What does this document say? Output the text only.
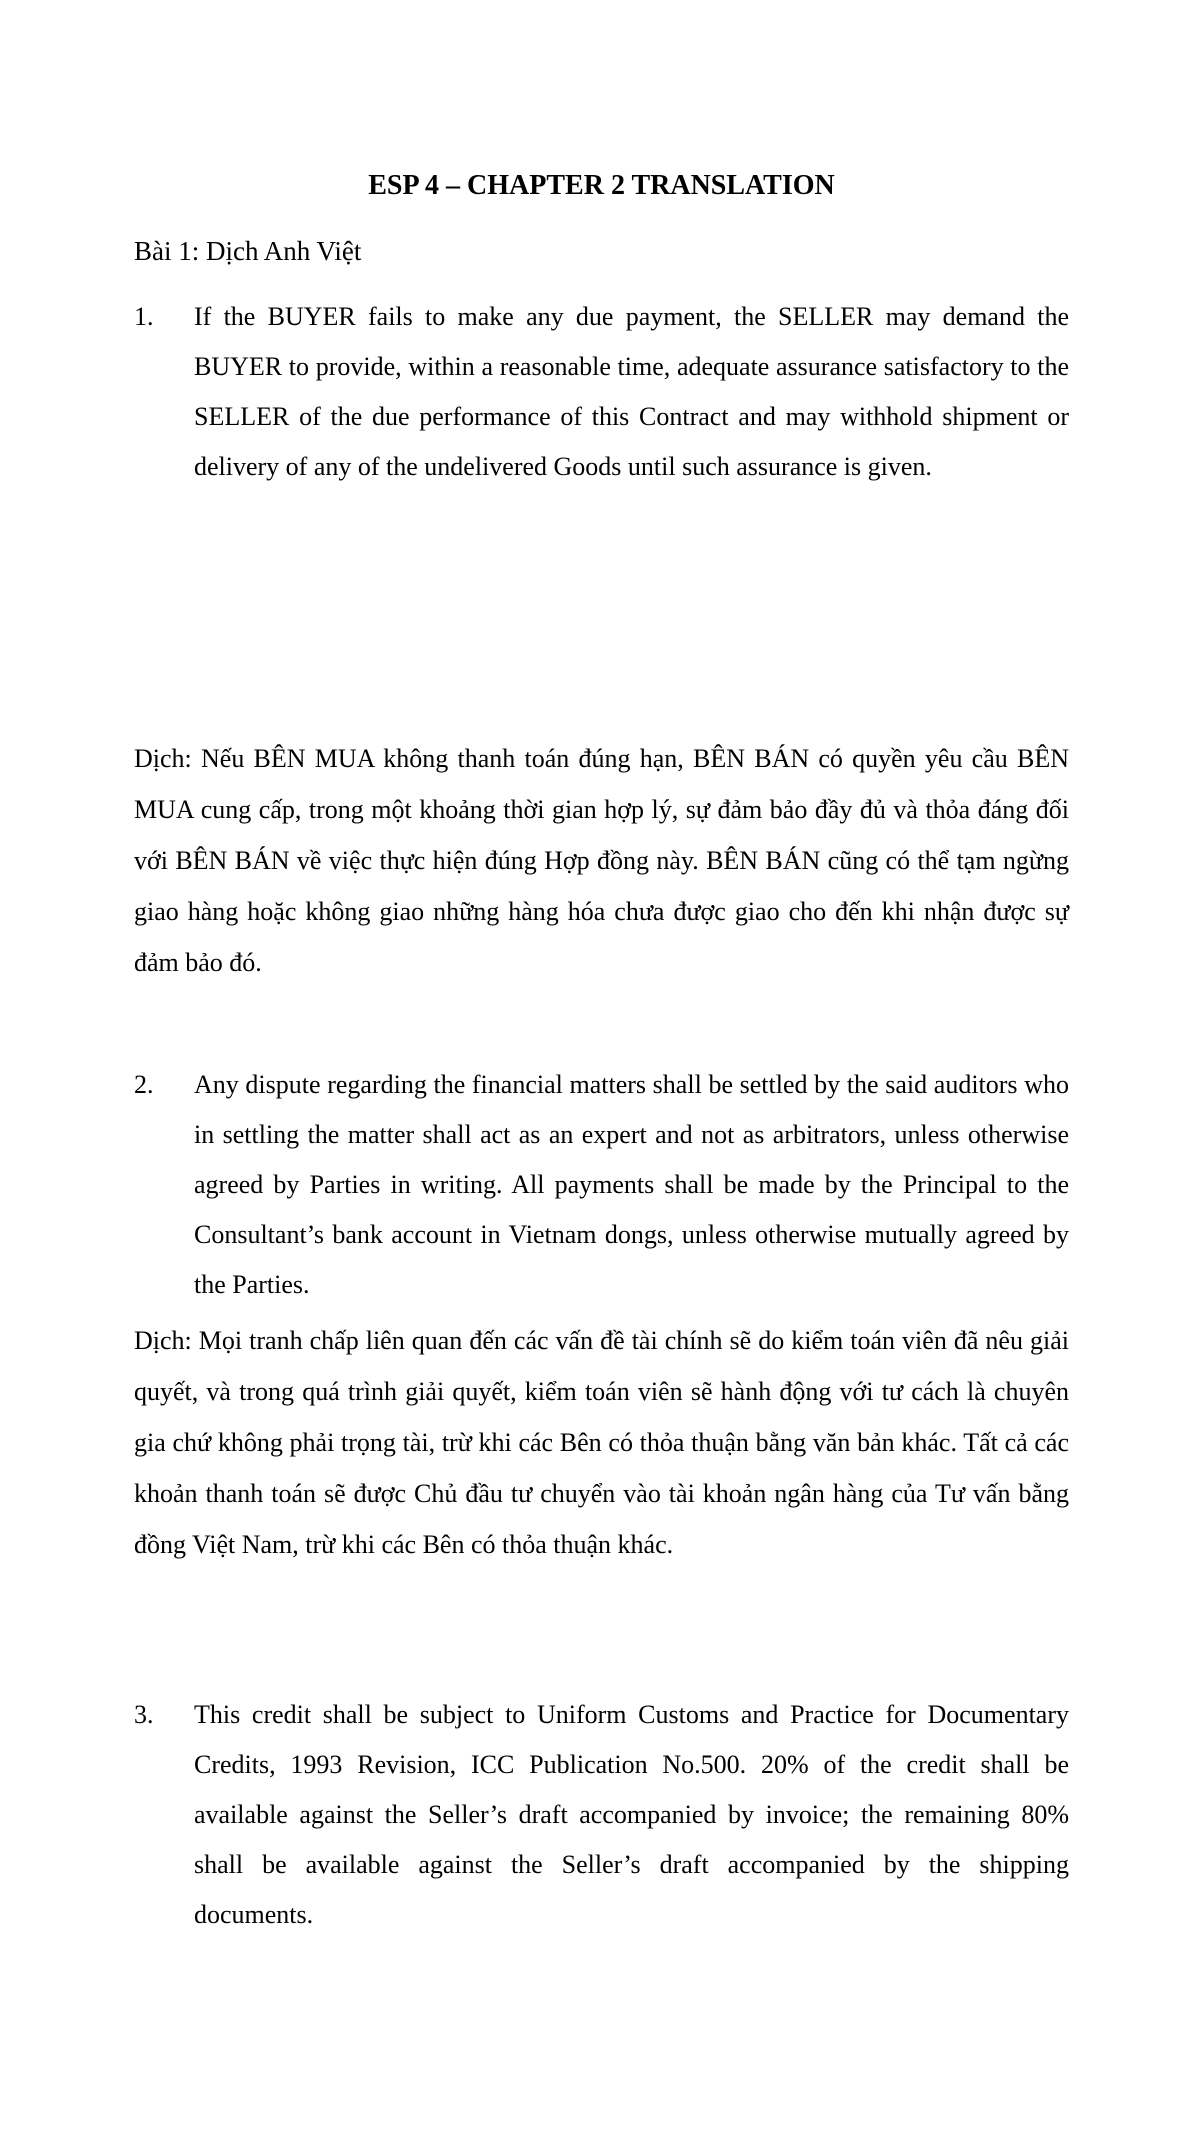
ESP 4 – CHAPTER 2 TRANSLATION

Bài 1: Dịch Anh Việt

1. If the BUYER fails to make any due payment, the SELLER may demand the BUYER to provide, within a reasonable time, adequate assurance satisfactory to the SELLER of the due performance of this Contract and may withhold shipment or delivery of any of the undelivered Goods until such assurance is given.

Dịch: Nếu BÊN MUA không thanh toán đúng hạn, BÊN BÁN có quyền yêu cầu BÊN MUA cung cấp, trong một khoảng thời gian hợp lý, sự đảm bảo đầy đủ và thỏa đáng đối với BÊN BÁN về việc thực hiện đúng Hợp đồng này. BÊN BÁN cũng có thể tạm ngừng giao hàng hoặc không giao những hàng hóa chưa được giao cho đến khi nhận được sự đảm bảo đó.

2. Any dispute regarding the financial matters shall be settled by the said auditors who in settling the matter shall act as an expert and not as arbitrators, unless otherwise agreed by Parties in writing. All payments shall be made by the Principal to the Consultant’s bank account in Vietnam dongs, unless otherwise mutually agreed by the Parties.

Dịch: Mọi tranh chấp liên quan đến các vấn đề tài chính sẽ do kiểm toán viên đã nêu giải quyết, và trong quá trình giải quyết, kiểm toán viên sẽ hành động với tư cách là chuyên gia chứ không phải trọng tài, trừ khi các Bên có thỏa thuận bằng văn bản khác. Tất cả các khoản thanh toán sẽ được Chủ đầu tư chuyển vào tài khoản ngân hàng của Tư vấn bằng đồng Việt Nam, trừ khi các Bên có thỏa thuận khác.

3. This credit shall be subject to Uniform Customs and Practice for Documentary Credits, 1993 Revision, ICC Publication No.500. 20% of the credit shall be available against the Seller’s draft accompanied by invoice; the remaining 80% shall be available against the Seller’s draft accompanied by the shipping documents.
